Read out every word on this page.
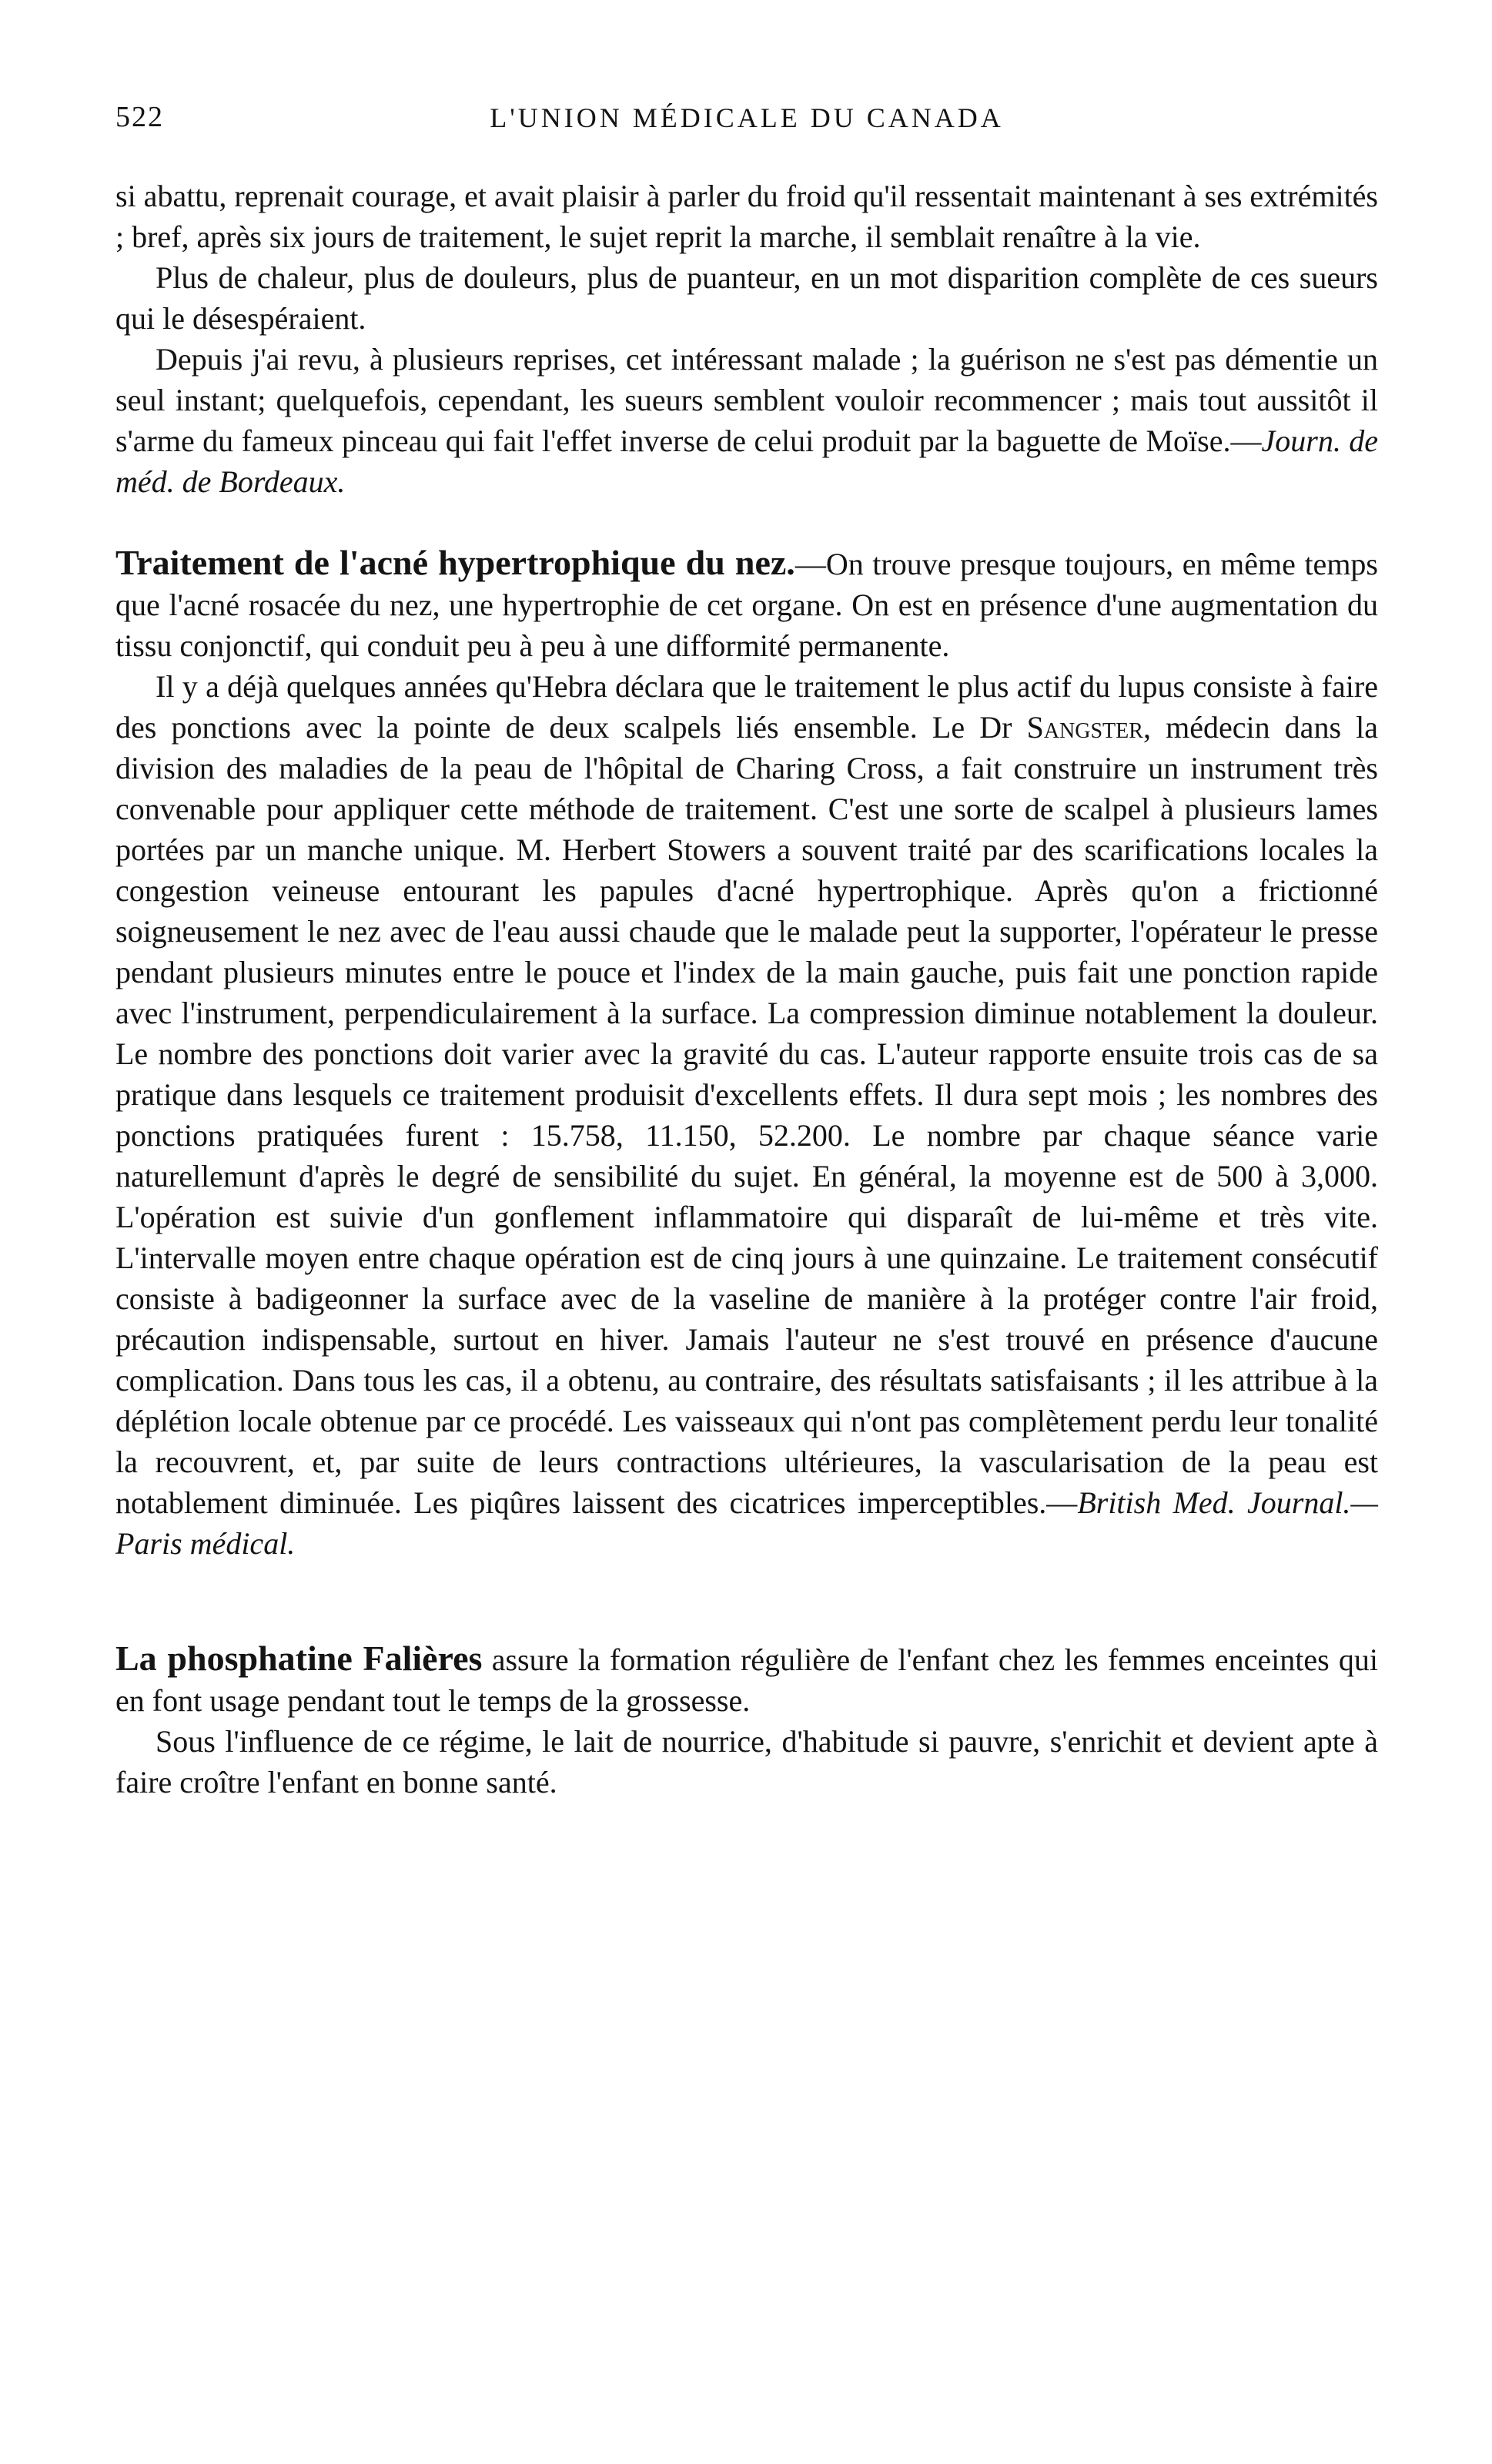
522	L'UNION MÉDICALE DU CANADA

si abattu, reprenait courage, et avait plaisir à parler du froid qu'il ressentait maintenant à ses extrémités ; bref, après six jours de traitement, le sujet reprit la marche, il semblait renaître à la vie.

Plus de chaleur, plus de douleurs, plus de puanteur, en un mot disparition complète de ces sueurs qui le désespéraient.

Depuis j'ai revu, à plusieurs reprises, cet intéressant malade ; la guérison ne s'est pas démentie un seul instant; quelquefois, cependant, les sueurs semblent vouloir recommencer ; mais tout aussitôt il s'arme du fameux pinceau qui fait l'effet inverse de celui produit par la baguette de Moïse.—Journ. de méd. de Bordeaux.

Traitement de l'acné hypertrophique du nez.—On trouve presque toujours, en même temps que l'acné rosacée du nez, une hypertrophie de cet organe. On est en présence d'une augmentation du tissu conjonctif, qui conduit peu à peu à une difformité permanente.

Il y a déjà quelques années qu'Hebra déclara que le traitement le plus actif du lupus consiste à faire des ponctions avec la pointe de deux scalpels liés ensemble. Le Dr Sangster, médecin dans la division des maladies de la peau de l'hôpital de Charing Cross, a fait construire un instrument très convenable pour appliquer cette méthode de traitement. C'est une sorte de scalpel à plusieurs lames portées par un manche unique. M. Herbert Stowers a souvent traité par des scarifications locales la congestion veineuse entourant les papules d'acné hypertrophique. Après qu'on a frictionné soigneusement le nez avec de l'eau aussi chaude que le malade peut la supporter, l'opérateur le presse pendant plusieurs minutes entre le pouce et l'index de la main gauche, puis fait une ponction rapide avec l'instrument, perpendiculairement à la surface. La compression diminue notablement la douleur. Le nombre des ponctions doit varier avec la gravité du cas. L'auteur rapporte ensuite trois cas de sa pratique dans lesquels ce traitement produisit d'excellents effets. Il dura sept mois ; les nombres des ponctions pratiquées furent : 15.758, 11.150, 52.200. Le nombre par chaque séance varie naturellemunt d'après le degré de sensibilité du sujet. En général, la moyenne est de 500 à 3,000. L'opération est suivie d'un gonflement inflammatoire qui disparaît de lui-même et très vite. L'intervalle moyen entre chaque opération est de cinq jours à une quinzaine. Le traitement consécutif consiste à badigeonner la surface avec de la vaseline de manière à la protéger contre l'air froid, précaution indispensable, surtout en hiver. Jamais l'auteur ne s'est trouvé en présence d'aucune complication. Dans tous les cas, il a obtenu, au contraire, des résultats satisfaisants ; il les attribue à la déplétion locale obtenue par ce procédé. Les vaisseaux qui n'ont pas complètement perdu leur tonalité la recouvrent, et, par suite de leurs contractions ultérieures, la vascularisation de la peau est notablement diminuée. Les piqûres laissent des cicatrices imperceptibles.—British Med. Journal.—Paris médical.

La phosphatine Falières assure la formation régulière de l'enfant chez les femmes enceintes qui en font usage pendant tout le temps de la grossesse.

Sous l'influence de ce régime, le lait de nourrice, d'habitude si pauvre, s'enrichit et devient apte à faire croître l'enfant en bonne santé.
